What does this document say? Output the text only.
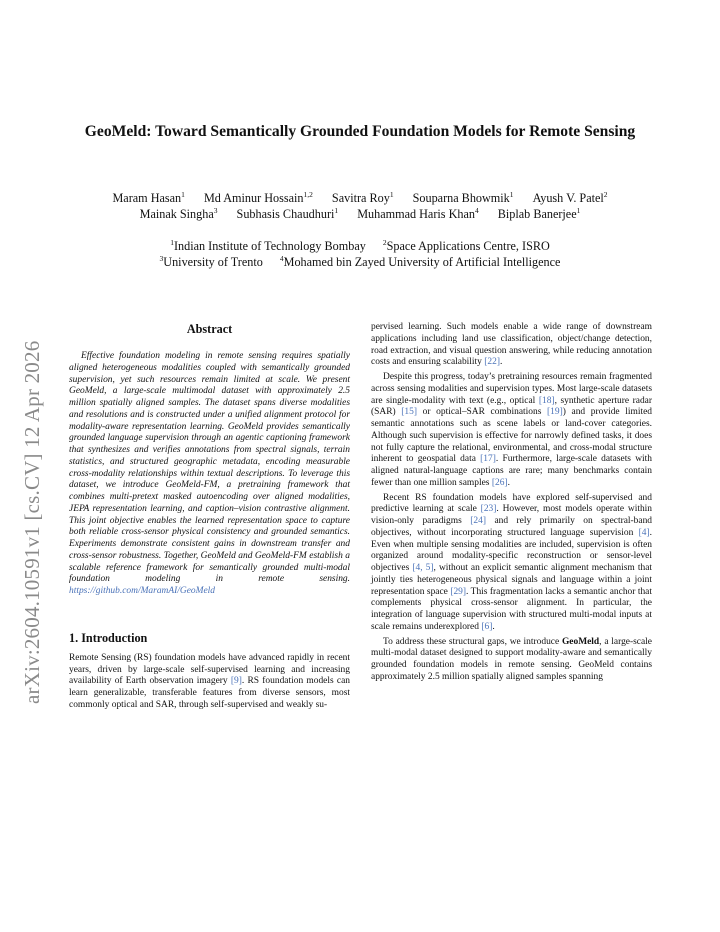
arXiv:2604.10591v1 [cs.CV] 12 Apr 2026
GeoMeld: Toward Semantically Grounded Foundation Models for Remote Sensing
Maram Hasan$^1$ Md Aminur Hossain$^{1,2}$ Savitra Roy$^1$ Souparna Bhowmik$^1$ Ayush V. Patel$^2$
Mainak Singha$^3$ Subhasis Chaudhuri$^1$ Muhammad Haris Khan$^4$ Biplab Banerjee$^1$
$^1$Indian Institute of Technology Bombay $^2$Space Applications Centre, ISRO
$^3$University of Trento $^4$Mohamed bin Zayed University of Artificial Intelligence
Abstract

Effective foundation modeling in remote sensing requires spatially aligned heterogeneous modalities coupled with semantically grounded supervision, yet such resources remain limited at scale. We present GeoMeld, a large-scale multimodal dataset with approximately 2.5 million spatially aligned samples. The dataset spans diverse modalities and resolutions and is constructed under a unified alignment protocol for modality-aware representation learning. GeoMeld provides semantically grounded language supervision through an agentic captioning framework that synthesizes and verifies annotations from spectral signals, terrain statistics, and structured geographic metadata, encoding measurable cross-modality relationships within textual descriptions. To leverage this dataset, we introduce GeoMeld-FM, a pretraining framework that combines multi-pretext masked autoencoding over aligned modalities, JEPA representation learning, and caption–vision contrastive alignment. This joint objective enables the learned representation space to capture both reliable cross-sensor physical consistency and grounded semantics. Experiments demonstrate consistent gains in downstream transfer and cross-sensor robustness. Together, GeoMeld and GeoMeld-FM establish a scalable reference framework for semantically grounded multi-modal foundation modeling in remote sensing. https://github.com/MaramAI/GeoMeld

1. Introduction

Remote Sensing (RS) foundation models have advanced rapidly in recent years, driven by large-scale self-supervised learning and increasing availability of Earth observation imagery [9]. RS foundation models can learn generalizable, transferable features from diverse sensors, most commonly optical and SAR, through self-supervised and weakly su-

pervised learning. Such models enable a wide range of downstream applications including land use classification, object/change detection, road extraction, and visual question answering, while reducing annotation costs and ensuring scalability [22].

Despite this progress, today’s pretraining resources remain fragmented across sensing modalities and supervision types. Most large-scale datasets are single-modality with text (e.g., optical [18], synthetic aperture radar (SAR) [15] or optical–SAR combinations [19]) and provide limited semantic annotations such as scene labels or land-cover categories. Although such supervision is effective for narrowly defined tasks, it does not fully capture the relational, environmental, and cross-modal structure inherent to geospatial data [17]. Furthermore, large-scale datasets with aligned natural-language captions are rare; many benchmarks contain fewer than one million samples [26].

Recent RS foundation models have explored self-supervised and predictive learning at scale [23]. However, most models operate within vision-only paradigms [24] and rely primarily on spectral-band objectives, without incorporating structured language supervision [4]. Even when multiple sensing modalities are included, supervision is often organized around modality-specific reconstruction or sensor-level objectives [4, 5], without an explicit semantic alignment mechanism that jointly ties heterogeneous physical signals and language within a joint representation space [29]. This fragmentation lacks a semantic anchor that complements physical cross-sensor alignment. In particular, the integration of language supervision with structured multi-modal inputs at scale remains underexplored [6].

To address these structural gaps, we introduce GeoMeld, a large-scale multi-modal dataset designed to support modality-aware and semantically grounded foundation models in remote sensing. GeoMeld contains approximately 2.5 million spatially aligned samples spanning
